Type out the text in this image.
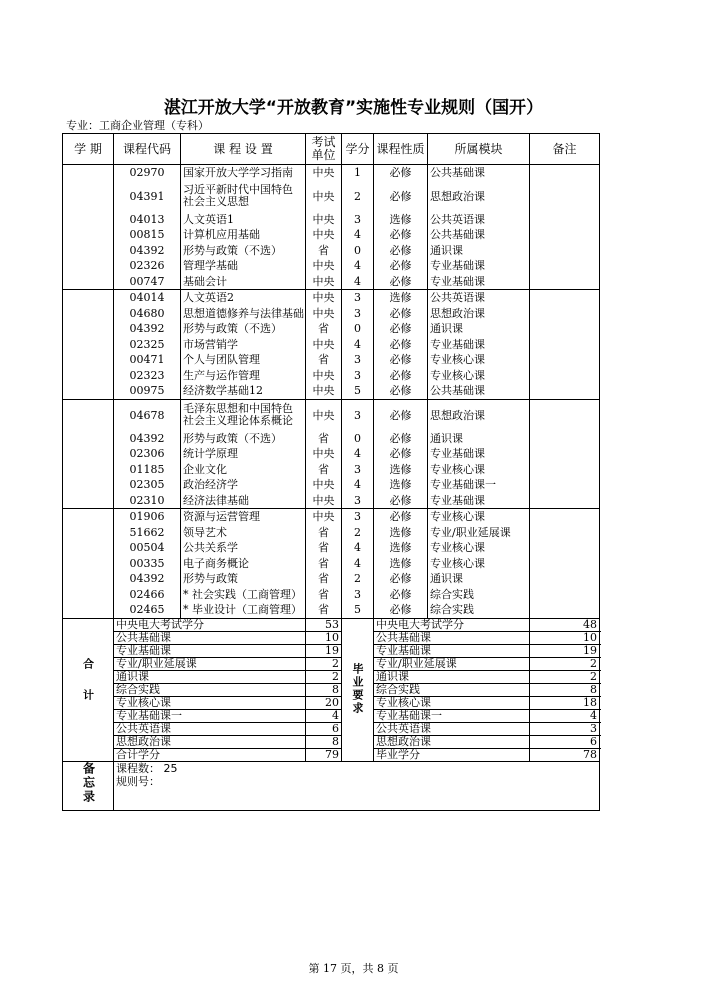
湛江开放大学“开放教育”实施性专业规则（国开）
专业：工商企业管理（专科）
学 期	课程代码	课 程 设 置	考试单位	学分	课程性质	所属模块	备注
	02970	国家开放大学学习指南	中央	1	必修	公共基础课	
	04391	习近平新时代中国特色社会主义思想	中央	2	必修	思想政治课	
	04013	人文英语1	中央	3	选修	公共英语课	
	00815	计算机应用基础	中央	4	必修	公共基础课	
	04392	形势与政策（不选）	省	0	必修	通识课	
	02326	管理学基础	中央	4	必修	专业基础课	
	00747	基础会计	中央	4	必修	专业基础课	
	04014	人文英语2	中央	3	选修	公共英语课	
	04680	思想道德修养与法律基础	中央	3	必修	思想政治课	
	04392	形势与政策（不选）	省	0	必修	通识课	
	02325	市场营销学	中央	4	必修	专业基础课	
	00471	个人与团队管理	省	3	必修	专业核心课	
	02323	生产与运作管理	中央	3	必修	专业核心课	
	00975	经济数学基础12	中央	5	必修	公共基础课	
	04678	毛泽东思想和中国特色社会主义理论体系概论	中央	3	必修	思想政治课	
	04392	形势与政策（不选）	省	0	必修	通识课	
	02306	统计学原理	中央	4	必修	专业基础课	
	01185	企业文化	省	3	选修	专业核心课	
	02305	政治经济学	中央	4	选修	专业基础课一	
	02310	经济法律基础	中央	3	必修	专业基础课	
	01906	资源与运营管理	中央	3	必修	专业核心课	
	51662	领导艺术	省	2	选修	专业/职业延展课	
	00504	公共关系学	省	4	选修	专业核心课	
	00335	电子商务概论	省	4	选修	专业核心课	
	04392	形势与政策	省	2	必修	通识课	
	02466	* 社会实践（工商管理）	省	3	必修	综合实践	
	02465	* 毕业设计（工商管理）	省	5	必修	综合实践	
合计	中央电大考试学分		53	毕业要求	中央电大考试学分		48
	公共基础课		10		公共基础课		10
	专业基础课		19		专业基础课		19
	专业/职业延展课		2		专业/职业延展课		2
	通识课		2		通识课		2
	综合实践		8		综合实践		8
	专业核心课		20		专业核心课		18
	专业基础课一		4		专业基础课一		4
	公共英语课		6		公共英语课		3
	思想政治课		8		思想政治课		6
	合计学分		79		毕业学分		78
备忘录	课程数： 25
规则号：						
第 17 页，共 8 页
